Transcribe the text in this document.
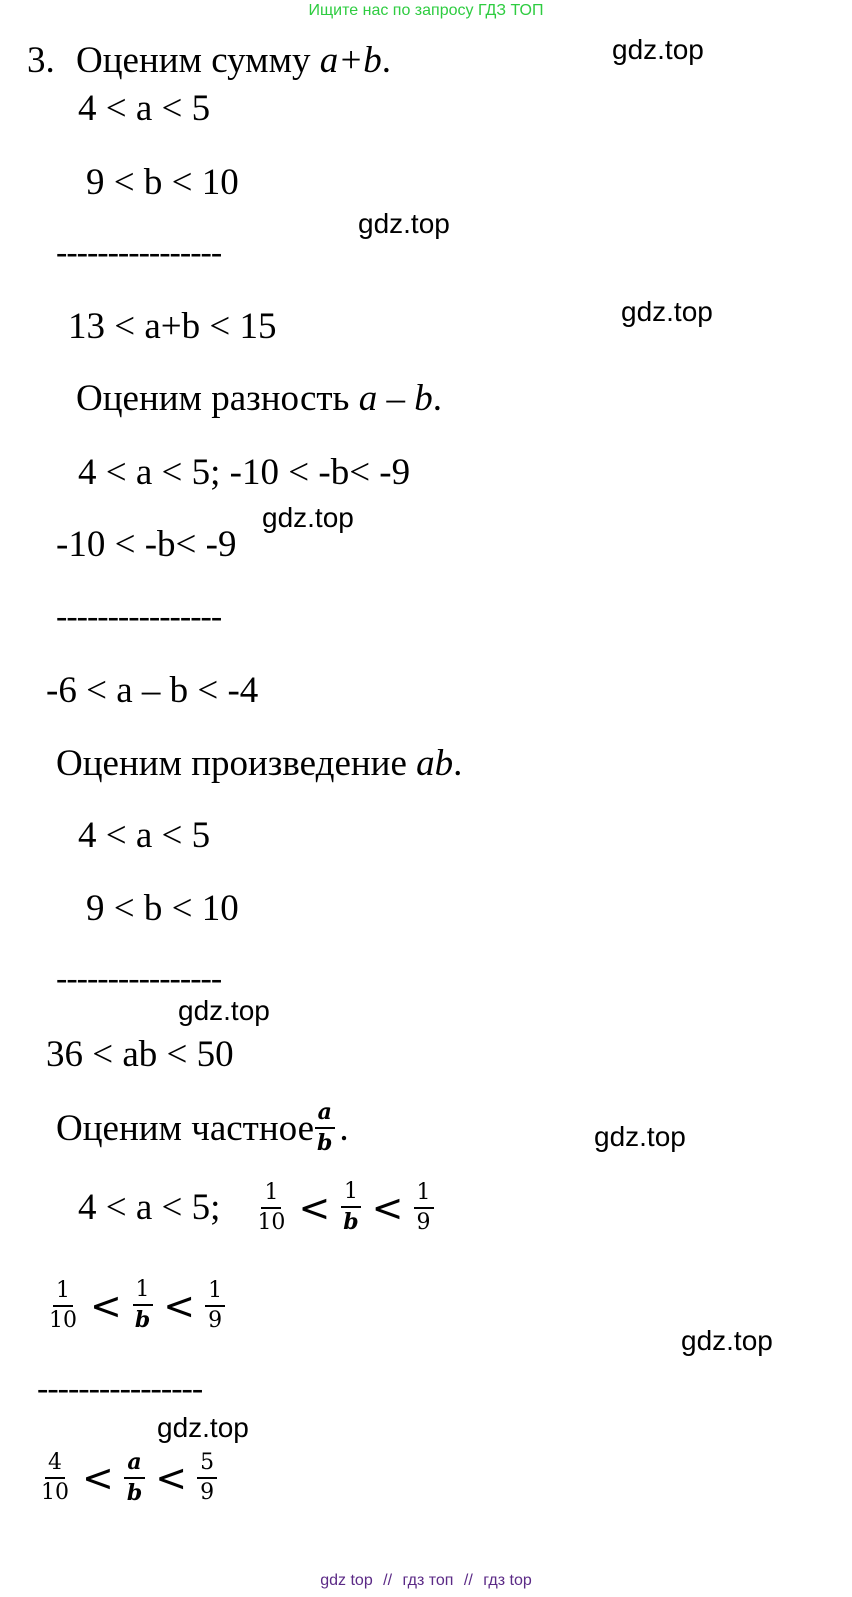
Ищите нас по запросу ГДЗ ТОП
gdz.top
gdz.top
gdz.top
gdz.top
gdz.top
gdz.top
gdz.top
gdz.top
3. Оценим сумму a+b.
4 < a < 5
9 < b < 10
----------------
13 < a+b < 15
Оценим разность a – b.
4 < a < 5; -10 < -b< -9
-10 < -b< -9
----------------
-6 < a – b < -4
Оценим произведение ab.
4 < a < 5
9 < b < 10
----------------
36 < ab < 50
Оценим частное $\frac{a}{b}$ .
4 < a < 5; $\frac{1}{10} < \frac{1}{b} < \frac{1}{9}$
$\frac{1}{10} < \frac{1}{b} < \frac{1}{9}$
----------------
$\frac{4}{10} < \frac{a}{b} < \frac{5}{9}$
gdz top // гдз топ // гдз top
